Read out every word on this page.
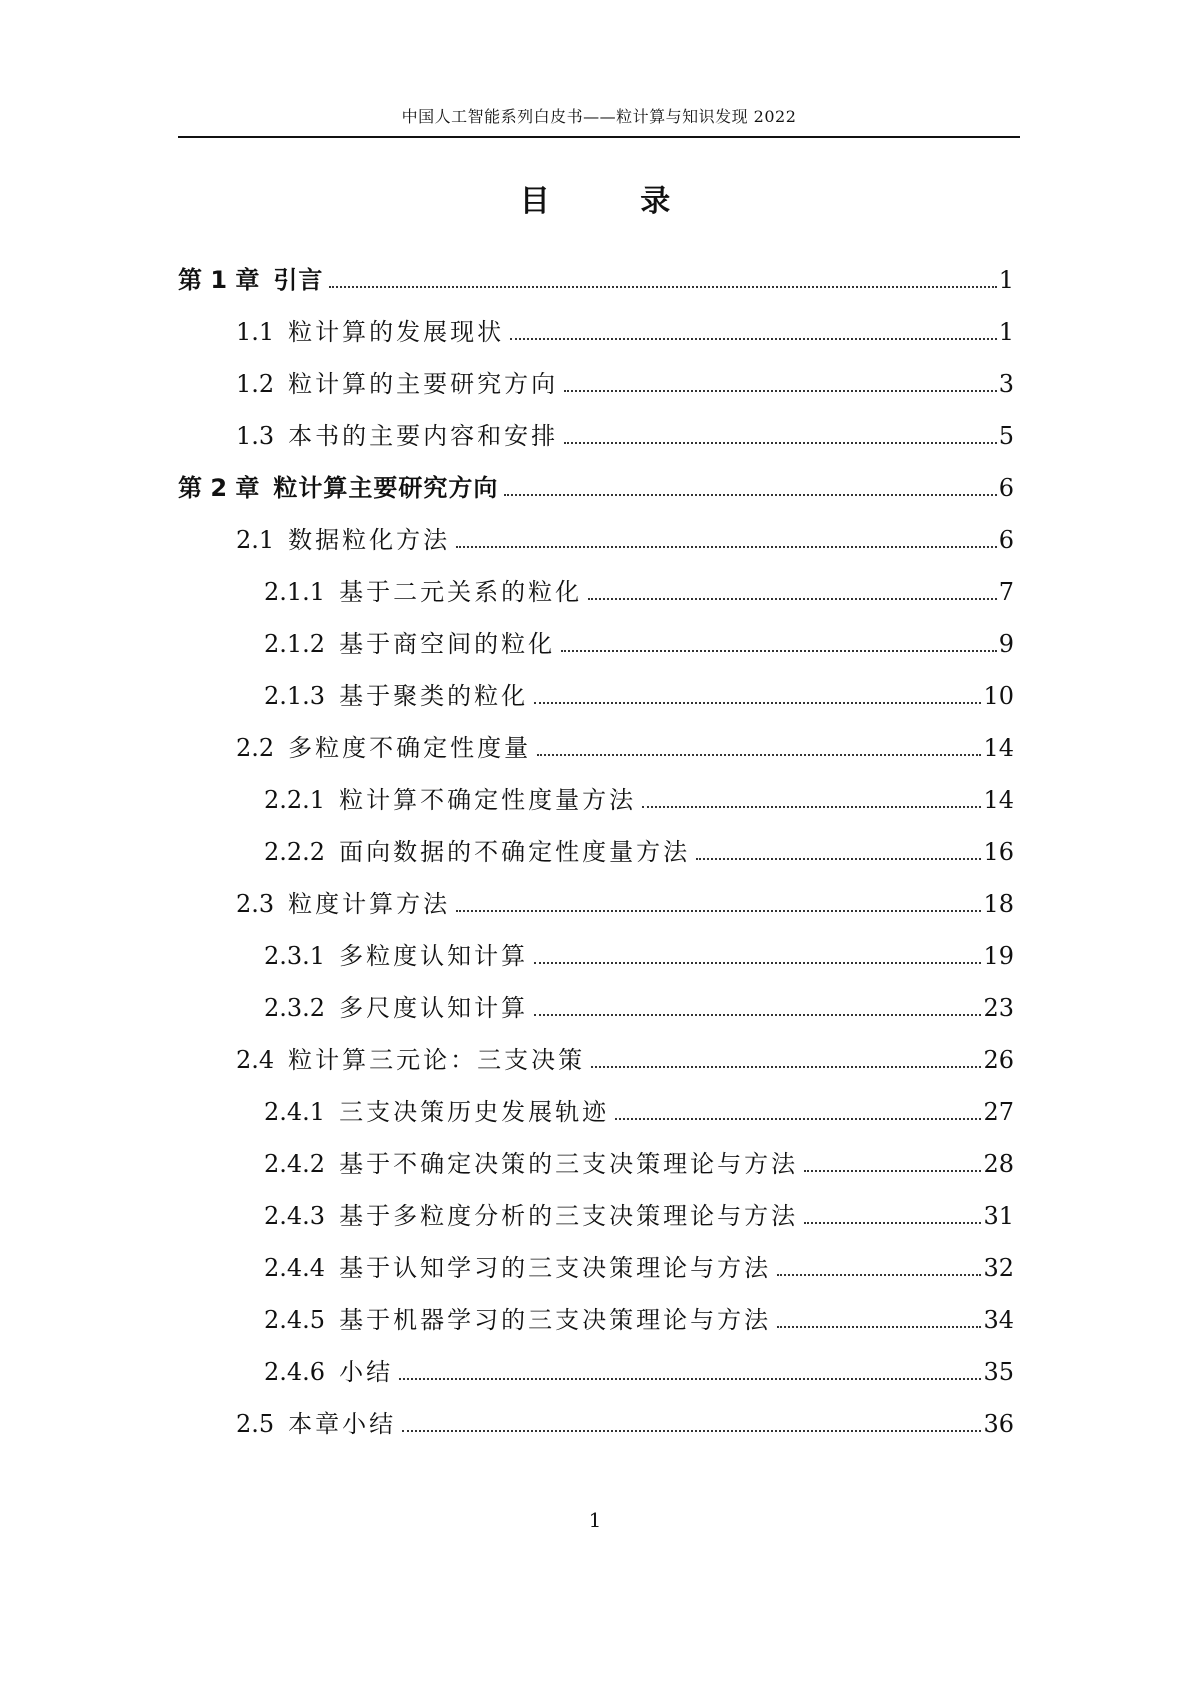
中国人工智能系列白皮书——粒计算与知识发现 2022
目 录
第 1 章 引言	1
1.1 粒计算的发展现状	1
1.2 粒计算的主要研究方向	3
1.3 本书的主要内容和安排	5
第 2 章 粒计算主要研究方向	6
2.1 数据粒化方法	6
2.1.1 基于二元关系的粒化	7
2.1.2 基于商空间的粒化	9
2.1.3 基于聚类的粒化	10
2.2 多粒度不确定性度量	14
2.2.1 粒计算不确定性度量方法	14
2.2.2 面向数据的不确定性度量方法	16
2.3 粒度计算方法	18
2.3.1 多粒度认知计算	19
2.3.2 多尺度认知计算	23
2.4 粒计算三元论：三支决策	26
2.4.1 三支决策历史发展轨迹	27
2.4.2 基于不确定决策的三支决策理论与方法	28
2.4.3 基于多粒度分析的三支决策理论与方法	31
2.4.4 基于认知学习的三支决策理论与方法	32
2.4.5 基于机器学习的三支决策理论与方法	34
2.4.6 小结	35
2.5 本章小结	36
1
